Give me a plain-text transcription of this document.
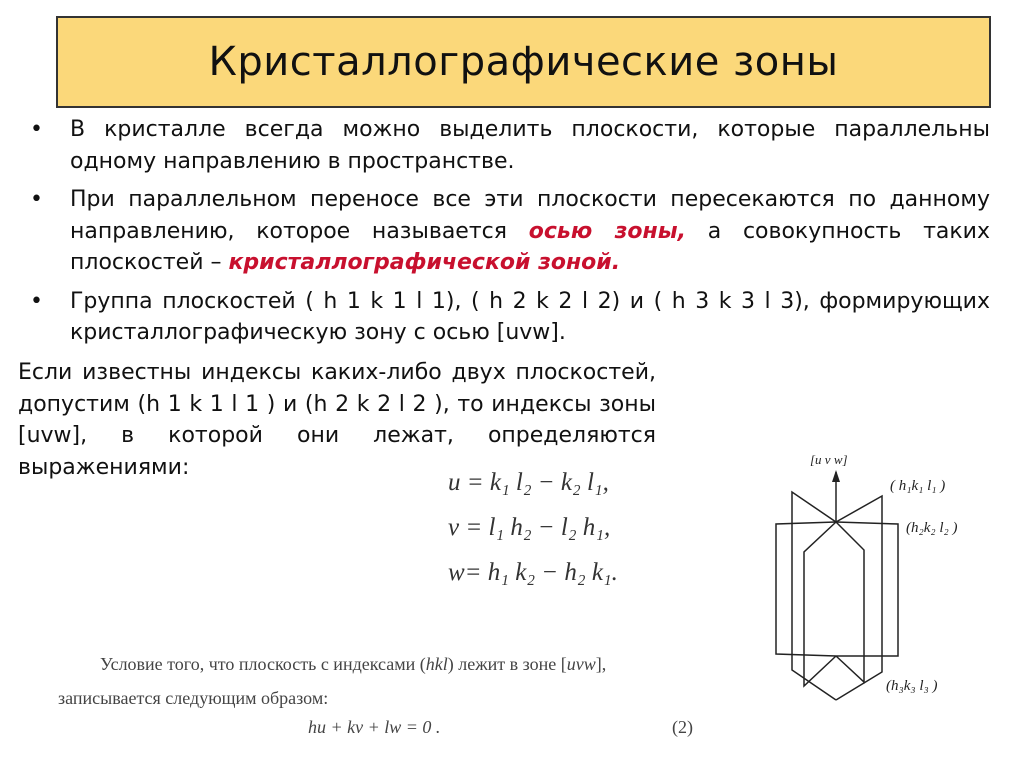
Кристаллографические зоны
• В кристалле всегда можно выделить плоскости, которые параллельны одному направлению в пространстве.
• При параллельном переносе все эти плоскости пересекаются по данному направлению, которое называется осью зоны, а совокупность таких плоскостей – кристаллографической зоной.
• Группа плоскостей ( h 1 k 1 l 1), ( h 2 k 2 l 2) и ( h 3 k 3 l 3), формирующих кристаллографическую зону с осью [uvw].
Если известны индексы каких-либо двух плоскостей, допустим (h 1 k 1 l 1 ) и (h 2 k 2 l 2 ), то индексы зоны [uvw], в которой они лежат, определяются выражениями:
u = k₁ l₂ − k₂ l₁,
v = l₁ h₂ − l₂ h₁,
w= h₁ k₂ − h₂ k₁.
Условие того, что плоскость с индексами (hkl) лежит в зоне [uvw],
записывается следующим образом:
hu + kv + lw = 0 .	(2)
[u v w]
( h₁k₁ l₁ )
(h₂k₂ l₂ )
(h₃k₃ l₃ )
